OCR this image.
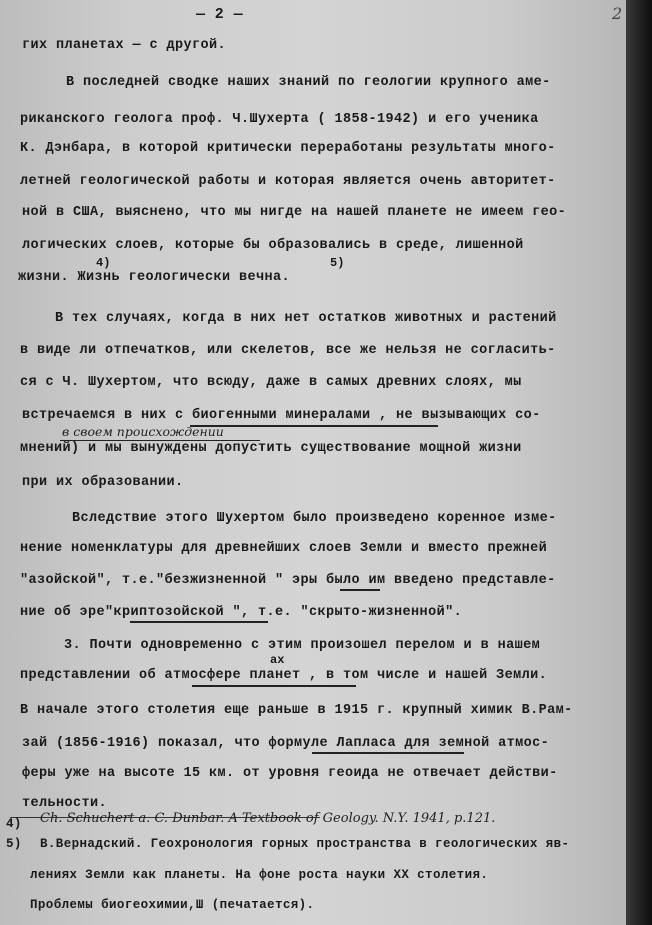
— 2 —	2
гих планетах — с другой.
В последней сводке наших знаний по геологии крупного аме-
риканского геолога проф. Ч.Шухерта ( 1858-1942) и его ученика
К. Дэнбара, в которой критически переработаны результаты много-
летней геологической работы и которая является очень авторитет-
ной в США, выяснено, что мы нигде на нашей планете не имеем гео-
логических слоев, которые бы образовались в среде, лишенной
4)	5)
жизни. Жизнь геологически вечна.
В тех случаях, когда в них нет остатков животных и растений
в виде ли отпечатков, или скелетов, все же нельзя не согласить-
ся с Ч. Шухертом, что всюду, даже в самых древних слоях, мы
встречаемся в них с биогенными минералами , не вызывающих со-
в своем происхождении
мнений) и мы вынуждены допустить существование мощной жизни
при их образовании.
Вследствие этого Шухертом было произведено коренное изме-
нение номенклатуры для древнейших слоев Земли и вместо прежней
"азойской", т.е."безжизненной " эры было им введено представле-
ние об эре"криптозойской ", т.е. "скрыто-жизненной".
3. Почти одновременно с этим произошел перелом и в нашем
ах
представлении об атмосфере планет , в том числе и нашей Земли.
В начале этого столетия еще раньше в 1915 г. крупный химик В.Рам-
зай (1856-1916) показал, что формуле Лапласа для земной атмос-
феры уже на высоте 15 км. от уровня геоида не отвечает действи-
тельности.
4) Ch. Schuchert a. C. Dunbar. A Textbook of Geology. N.Y. 1941, p.121.
5) В.Вернадский. Геохронология горных пространства в геологических яв-
лениях Земли как планеты. На фоне роста науки XX столетия.
Проблемы биогеохимии,Ш (печатается).
